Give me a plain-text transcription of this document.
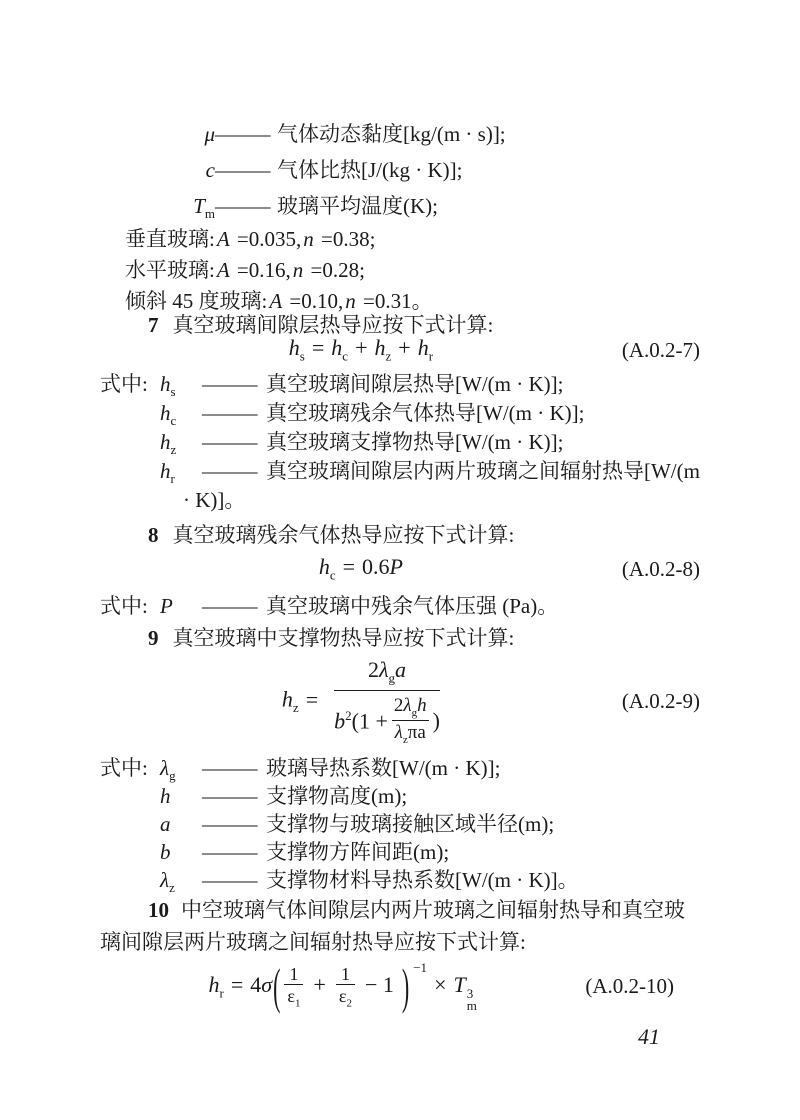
μ —— 气体动态黏度[kg/(m · s)];
c —— 气体比热[J/(kg · K)];
$T_m$ —— 玻璃平均温度(K);
垂直玻璃:A =0.035,n =0.38;
水平玻璃:A =0.16,n =0.28;
倾斜 45 度玻璃:A =0.10,n =0.31。
7 真空玻璃间隙层热导应按下式计算:
$h_s = h_c + h_z + h_r$	(A.0.2-7)
式中: $h_s$	—— 真空玻璃间隙层热导[W/(m · K)];
$h_c$	—— 真空玻璃残余气体热导[W/(m · K)];
$h_z$	—— 真空玻璃支撑物热导[W/(m · K)];
$h_r$	—— 真空玻璃间隙层内两片玻璃之间辐射热导[W/(m
· K)]。
8 真空玻璃残余气体热导应按下式计算:
$h_c = 0.6P$	(A.0.2-8)
式中: P	—— 真空玻璃中残余气体压强 (Pa)。
9 真空玻璃中支撑物热导应按下式计算:
$h_z$ =
$2\lambda_ga$
$b^2(1$ +
$2\lambda_gh$
$\lambda_z\pi a$ )
(A.0.2-9)
式中: $\lambda_g$	—— 玻璃导热系数[W/(m · K)];
h	—— 支撑物高度(m);
a	—— 支撑物与玻璃接触区域半径(m);
b	—— 支撑物方阵间距(m);
$\lambda_z$	—— 支撑物材料导热系数[W/(m · K)]。
10 中空玻璃气体间隙层内两片玻璃之间辐射热导和真空玻
璃间隙层两片玻璃之间辐射热导应按下式计算:
$h_r = 4\sigma( \frac{1}{\varepsilon_1} + \frac{1}{\varepsilon_2} - 1$ ) $^{-1}$× T 3
m
(A.0.2-10)
41
